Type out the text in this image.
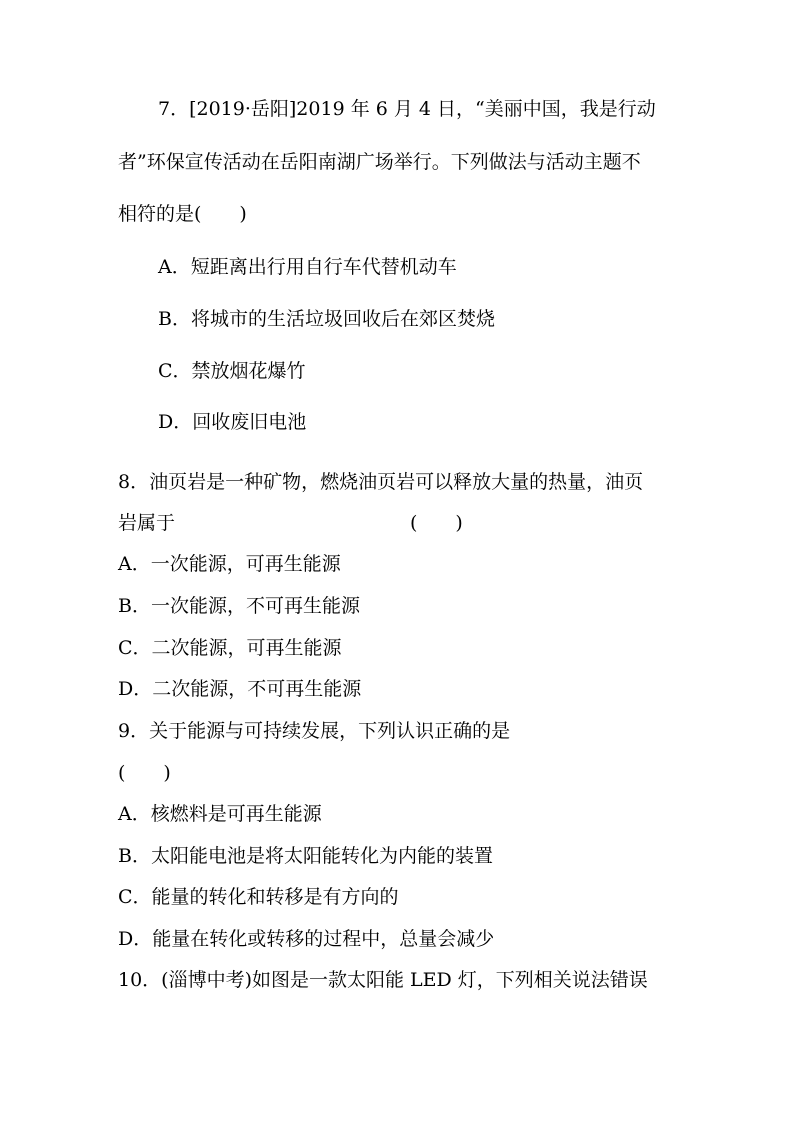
7．[2019·岳阳]2019 年 6 月 4 日，“美丽中国，我是行动
者”环保宣传活动在岳阳南湖广场举行。下列做法与活动主题不
相符的是(　　)
A．短距离出行用自行车代替机动车
B．将城市的生活垃圾回收后在郊区焚烧
C．禁放烟花爆竹
D．回收废旧电池
8．油页岩是一种矿物，燃烧油页岩可以释放大量的热量，油页
岩属于	(　　)
A．一次能源，可再生能源
B．一次能源，不可再生能源
C．二次能源，可再生能源
D．二次能源，不可再生能源
9．关于能源与可持续发展，下列认识正确的是
(　　)
A．核燃料是可再生能源
B．太阳能电池是将太阳能转化为内能的装置
C．能量的转化和转移是有方向的
D．能量在转化或转移的过程中，总量会减少
10．(淄博中考)如图是一款太阳能 LED 灯，下列相关说法错误
